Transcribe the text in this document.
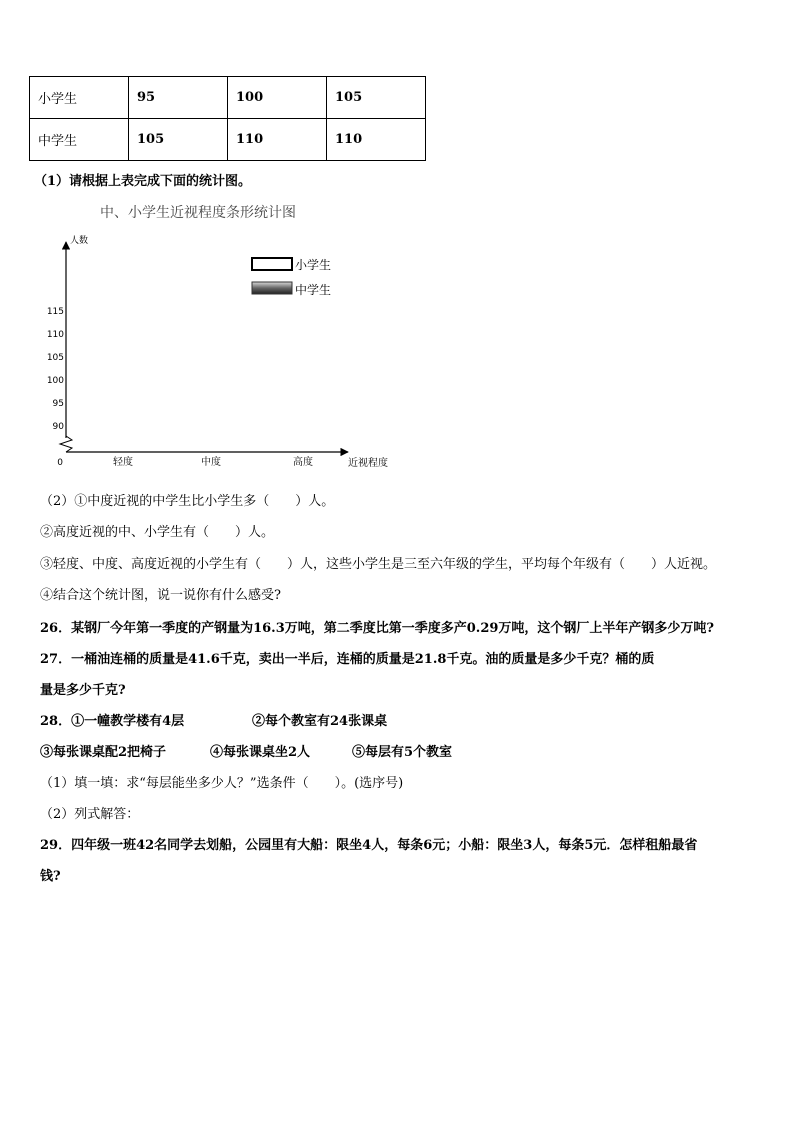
小学生	95	100	105
中学生	105	110	110
（1）请根据上表完成下面的统计图。
中、小学生近视程度条形统计图
人数
近视程度
0
90
95
100
105
110
115
轻度	中度	高度
小学生
中学生
（2）①中度近视的中学生比小学生多（　　）人。
②高度近视的中、小学生有（　　）人。
③轻度、中度、高度近视的小学生有（　　）人，这些小学生是三至六年级的学生，平均每个年级有（　　）人近视。
④结合这个统计图，说一说你有什么感受?
26．某钢厂今年第一季度的产钢量为16.3万吨，第二季度比第一季度多产0.29万吨，这个钢厂上半年产钢多少万吨?
27．一桶油连桶的质量是41.6千克，卖出一半后，连桶的质量是21.8千克。油的质量是多少千克？桶的质
量是多少千克?
28．①一幢教学楼有4层	②每个教室有24张课桌
③每张课桌配2把椅子	④每张课桌坐2人	⑤每层有5个教室
（1）填一填：求“每层能坐多少人？”选条件（　　）。(选序号)
（2）列式解答：
29．四年级一班42名同学去划船，公园里有大船：限坐4人，每条6元；小船：限坐3人，每条5元．怎样租船最省
钱?
